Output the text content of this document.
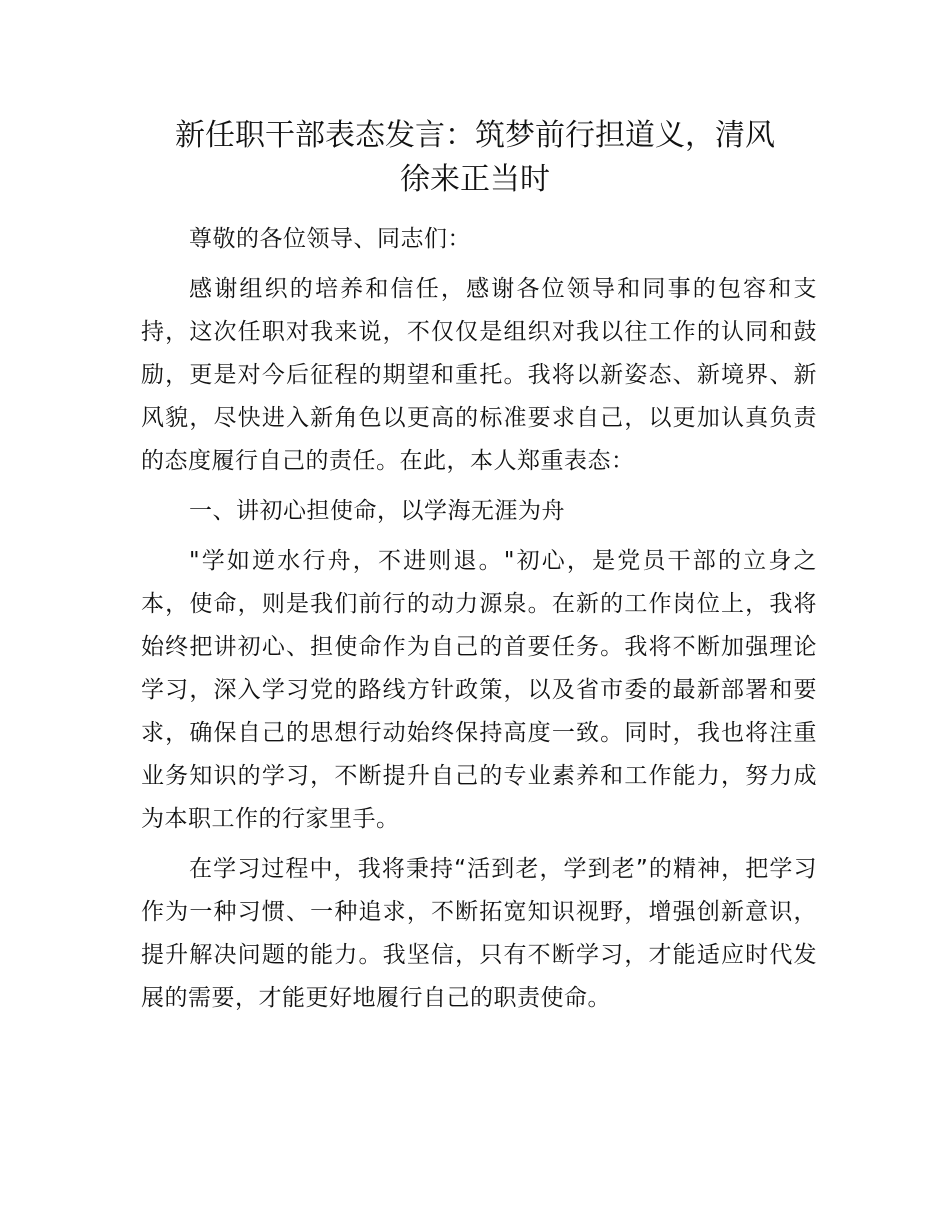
新任职干部表态发言：筑梦前行担道义，清风
徐来正当时

尊敬的各位领导、同志们：

感谢组织的培养和信任，感谢各位领导和同事的包容和支持，这次任职对我来说，不仅仅是组织对我以往工作的认同和鼓励，更是对今后征程的期望和重托。我将以新姿态、新境界、新风貌，尽快进入新角色以更高的标准要求自己，以更加认真负责的态度履行自己的责任。在此，本人郑重表态：

一、讲初心担使命，以学海无涯为舟

"学如逆水行舟，不进则退。"初心，是党员干部的立身之本，使命，则是我们前行的动力源泉。在新的工作岗位上，我将始终把讲初心、担使命作为自己的首要任务。我将不断加强理论学习，深入学习党的路线方针政策，以及省市委的最新部署和要求，确保自己的思想行动始终保持高度一致。同时，我也将注重业务知识的学习，不断提升自己的专业素养和工作能力，努力成为本职工作的行家里手。

在学习过程中，我将秉持“活到老，学到老”的精神，把学习作为一种习惯、一种追求，不断拓宽知识视野，增强创新意识，提升解决问题的能力。我坚信，只有不断学习，才能适应时代发展的需要，才能更好地履行自己的职责使命。
